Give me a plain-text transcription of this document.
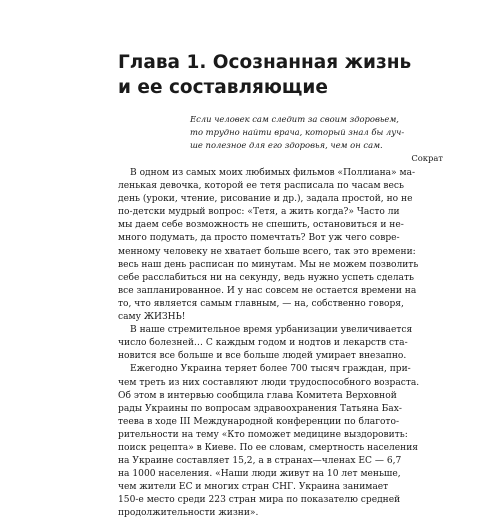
Глава 1. Осознанная жизнь
и ее составляющие
Если человек сам следит за своим здоровьем,
то трудно найти врача, который знал бы луч-
ше полезное для его здоровья, чем он сам.
Сократ

В одном из самых моих любимых фильмов «Поллиана» ма-
ленькая девочка, которой ее тетя расписала по часам весь
день (уроки, чтение, рисование и др.), задала простой, но не
по-детски мудрый вопрос: «Тетя, а жить когда?» Часто ли
мы даем себе возможность не спешить, остановиться и не-
много подумать, да просто помечтать? Вот уж чего совре-
менному человеку не хватает больше всего, так это времени:
весь наш день расписан по минутам. Мы не можем позволить
себе расслабиться ни на секунду, ведь нужно успеть сделать
все запланированное. И у нас совсем не остается времени на
то, что является самым главным, — на, собственно говоря,
саму ЖИЗНЬ!

В наше стремительное время урбанизации увеличивается
число болезней… С каждым годом и нодтов и лекарств ста-
новится все больше и все больше людей умирает внезапно.

Ежегодно Украина теряет более 700 тысяч граждан, при-
чем треть из них составляют люди трудоспособного возраста.
Об этом в интервью сообщила глава Комитета Верховной
рады Украины по вопросам здравоохранения Татьяна Бах-
теева в ходе III Международной конференции по благото-
рительности на тему «Кто поможет медицине выздоровить:
поиск рецепта» в Киеве. По ее словам, смертность населения
на Украине составляет 15,2, а в странах—членах ЕС — 6,7
на 1000 населения. «Наши люди живут на 10 лет меньше,
чем жители ЕС и многих стран СНГ. Украина занимает
150-е место среди 223 стран мира по показателю средней
продолжительности жизни».
